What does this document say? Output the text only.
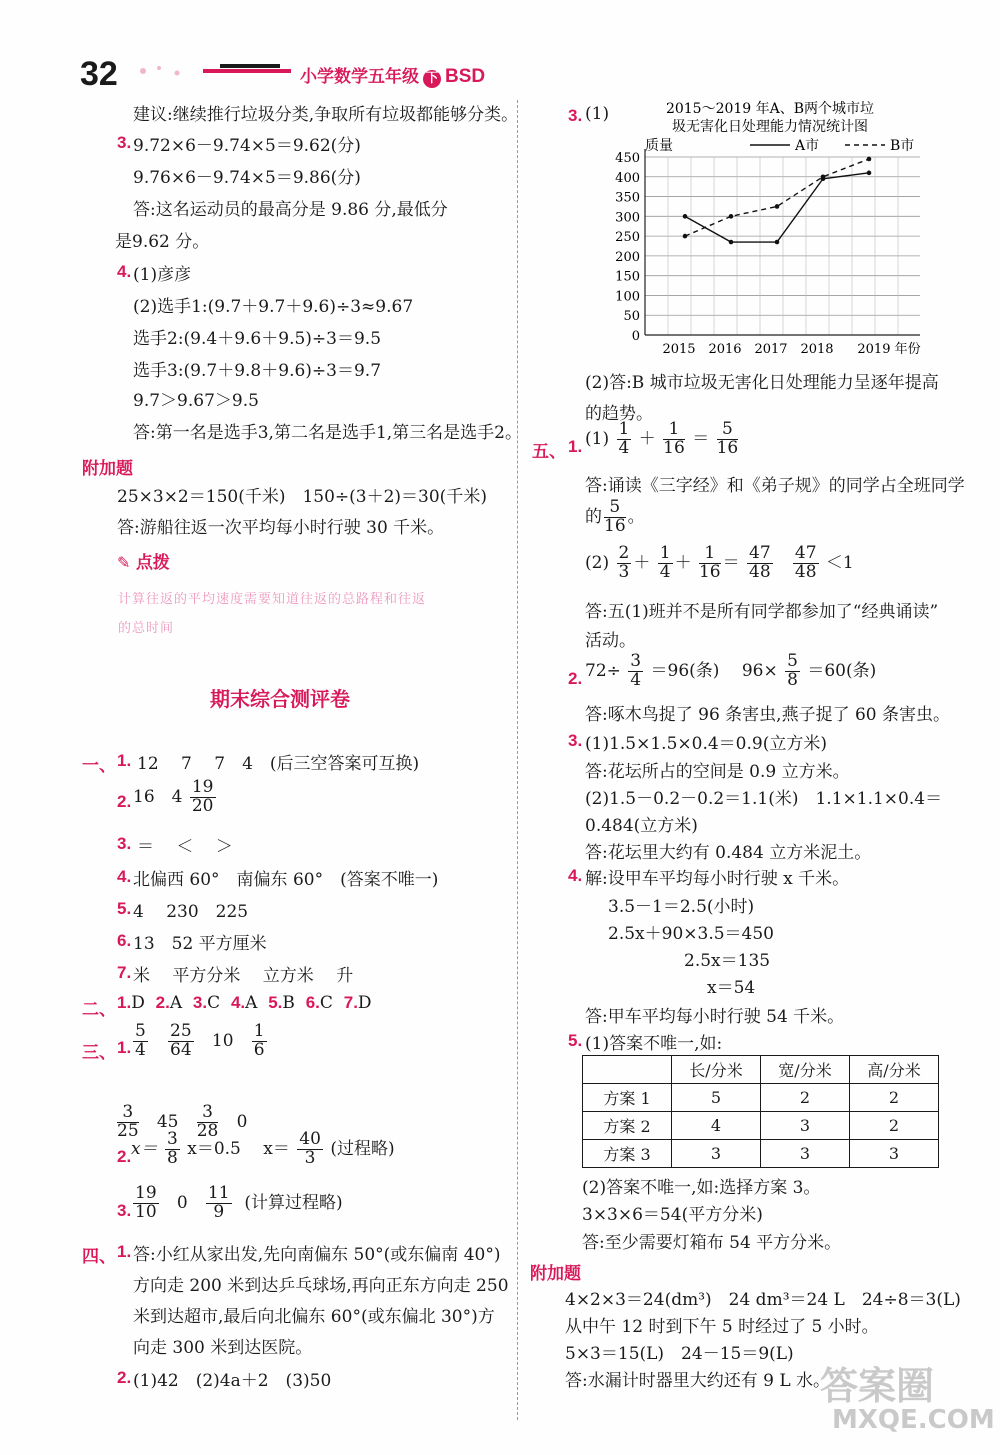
32	小学数学五年级 下 BSD
建议:继续推行垃圾分类,争取所有垃圾都能够分类。
3. 9.72×6－9.74×5＝9.62(分)
9.76×6－9.74×5＝9.86(分)
答:这名运动员的最高分是 9.86 分,最低分
是9.62 分。
4. (1)彦彦
(2)选手1:(9.7＋9.7＋9.6)÷3≈9.67
选手2:(9.4＋9.6＋9.5)÷3＝9.5
选手3:(9.7＋9.8＋9.6)÷3＝9.7
9.7＞9.67＞9.5
答:第一名是选手3,第二名是选手1,第三名是选手2。
附加题
25×3×2＝150(千米)　150÷(3＋2)＝30(千米)
答:游船往返一次平均每小时行驶 30 千米。
✎ 点拨
计算往返的平均速度需要知道往返的总路程和往返
的总时间
期末综合测评卷
一、 1. 12　 7　 7　4　(后三空答案可互换)
2. 16　$4 \frac{19}{20}$
3. ＝　 ＜　 ＞
4. 北偏西 60°　南偏东 60°　(答案不唯一)
5. 4　 230　225
6. 13　52 平方厘米
7. 米　 平方分米　 立方米　 升
二、 1.D 2.A 3.C 4.A 5.B 6.C 7.D
三、 1. $\frac{5}{4}$
$\frac{25}{64} 10 \frac{1}{6}$
$\frac{3}{25} 45 \frac{3}{28} 0$
2. $x= \frac{3}{8} x=0.5$　 $x= \frac{40}{3}$ (过程略)
3. $\frac{19}{10} 0 \frac{11}{9}$ (计算过程略)
四、 1. 答:小红从家出发,先向南偏东 50°(或东偏南 40°)
方向走 200 米到达乒乓球场,再向正东方向走 250
米到达超市,最后向北偏东 60°(或东偏北 30°)方
向走 300 米到达医院。
2. (1)42　(2)4a＋2　(3)50
3. (1)	2015～2019 年A、B两个城市垃
圾无害化日处理能力情况统计图
质量
0
50
100
150
200
250
300
350
400
450
2015 2016 2017 2018 2019 年份
A市	B市
(2)答:B 城市垃圾无害化日处理能力呈逐年提高
的趋势。
五、 1. $(1) \frac{1}{4} + \frac{1}{16} = \frac{5}{16}$
答:诵读《三字经》和《弟子规》的同学占全班同学
的 $\frac{5}{16}$ 。
$(2) \frac{2}{3} + \frac{1}{4} + \frac{1}{16} = \frac{47}{48}$
$\frac{47}{48} <1$
答:五(1)班并不是所有同学都参加了“经典诵读”
活动。
2. $72\div \frac{3}{4} =96$(条)　 $96\times \frac{5}{8} =60$(条)
答:啄木鸟捉了 96 条害虫,燕子捉了 60 条害虫。
3. (1)1.5×1.5×0.4＝0.9(立方米)
答:花坛所占的空间是 0.9 立方米。
(2)1.5－0.2－0.2＝1.1(米)　1.1×1.1×0.4＝
0.484(立方米)
答:花坛里大约有 0.484 立方米泥土。
4. 解:设甲车平均每小时行驶 x 千米。
3.5－1＝2.5(小时)
2.5x＋90×3.5＝450
2.5x＝135
x＝54
答:甲车平均每小时行驶 54 千米。
5. (1)答案不唯一,如:
	长/分米	宽/分米	高/分米
方案 1	5	2	2
方案 2	4	3	2
方案 3	3	3	3
(2)答案不唯一,如:选择方案 3。
3×3×6＝54(平方分米)
答:至少需要灯箱布 54 平方分米。
附加题
4×2×3＝24(dm³)　24 dm³＝24 L　24÷8＝3(L)
从中午 12 时到下午 5 时经过了 5 小时。
5×3＝15(L)　24－15＝9(L)
答:水漏计时器里大约还有 9 L 水。
答案圈
MXQE.COM
